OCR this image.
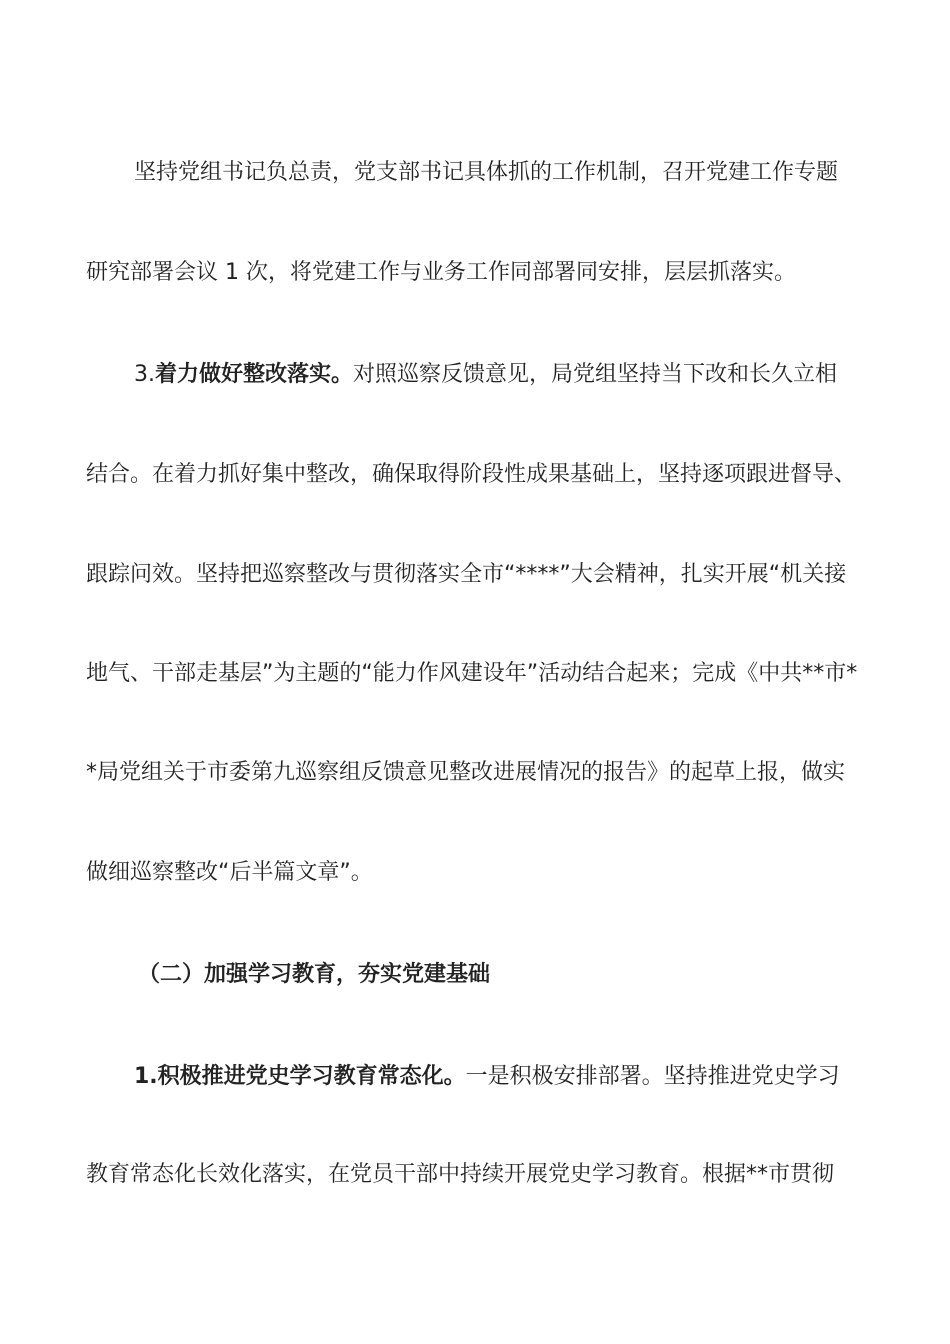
坚持党组书记负总责，党支部书记具体抓的工作机制，召开党建工作专题
研究部署会议 1 次，将党建工作与业务工作同部署同安排，层层抓落实。
3.着力做好整改落实。对照巡察反馈意见，局党组坚持当下改和长久立相
结合。在着力抓好集中整改，确保取得阶段性成果基础上，坚持逐项跟进督导、
跟踪问效。坚持把巡察整改与贯彻落实全市“****”大会精神，扎实开展“机关接
地气、干部走基层”为主题的“能力作风建设年”活动结合起来；完成《中共**市*
*局党组关于市委第九巡察组反馈意见整改进展情况的报告》的起草上报，做实
做细巡察整改“后半篇文章”。
（二）加强学习教育，夯实党建基础
1.积极推进党史学习教育常态化。一是积极安排部署。坚持推进党史学习
教育常态化长效化落实，在党员干部中持续开展党史学习教育。根据**市贯彻
